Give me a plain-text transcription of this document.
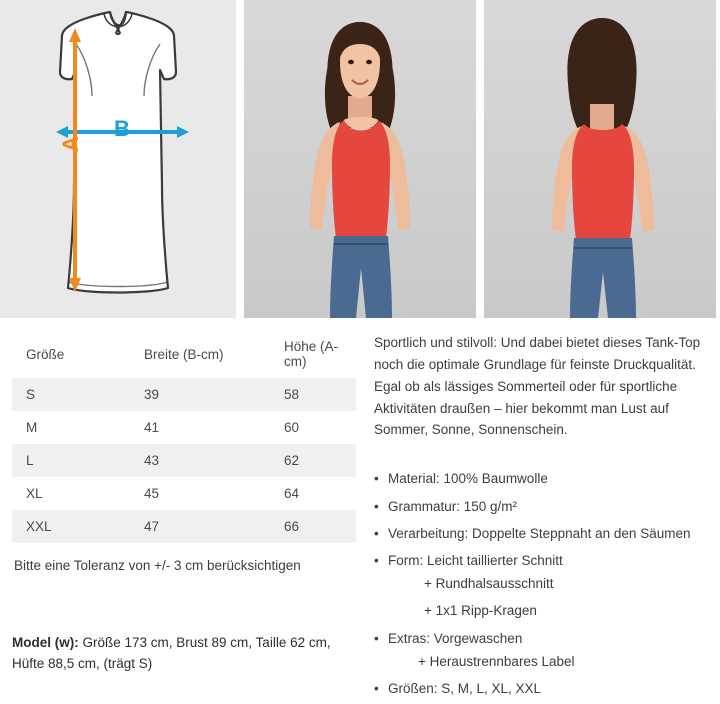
B
A
Größe	Breite (B-cm)	Höhe (A-cm)
S	39	58
M	41	60
L	43	62
XL	45	64
XXL	47	66
Bitte eine Toleranz von +/- 3 cm berücksichtigen

Sportlich und stilvoll: Und dabei bietet dieses Tank-Top noch die optimale Grundlage für feinste Druckqualität. Egal ob als lässiges Sommerteil oder für sportliche Aktivitäten draußen – hier bekommt man Lust auf Sommer, Sonne, Sonnenschein.

• Material: 100% Baumwolle
• Grammatur: 150 g/m²
• Verarbeitung: Doppelte Steppnaht an den Säumen
• Form: Leicht taillierter Schnitt
+ Rundhalsausschnitt
+ 1x1 Ripp-Kragen
• Extras: Vorgewaschen
+ Heraustrennbares Label
• Größen: S, M, L, XL, XXL
Model (w): Größe 173 cm, Brust 89 cm, Taille 62 cm,
Hüfte 88,5 cm, (trägt S)
